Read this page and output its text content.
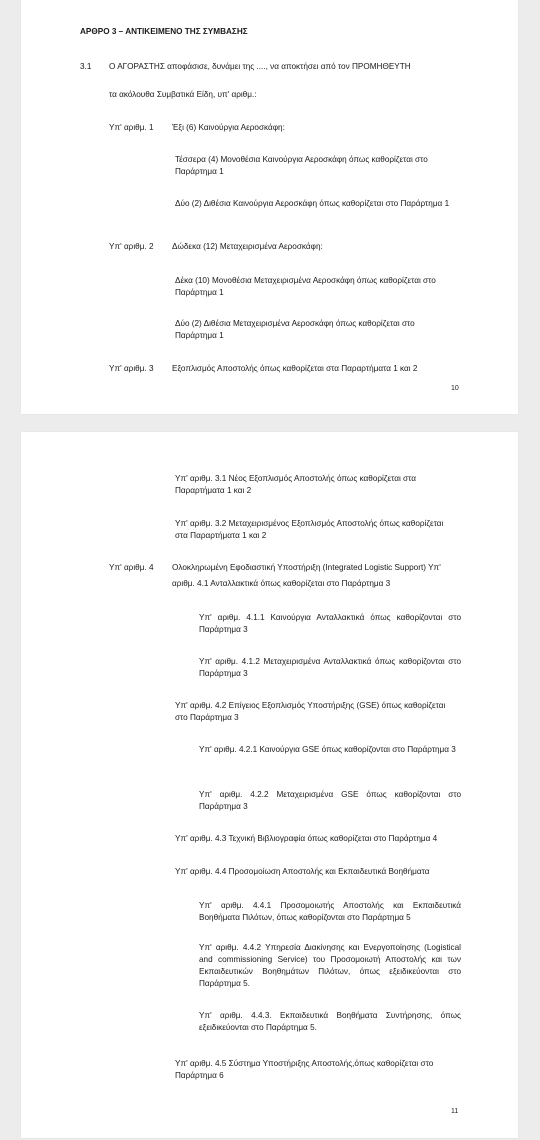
ΑΡΘΡΟ 3 – ΑΝΤΙΚΕΙΜΕΝΟ ΤΗΣ ΣΥΜΒΑΣΗΣ
3.1 Ο ΑΓΟΡΑΣΤΗΣ αποφάσισε, δυνάμει της ...., να αποκτήσει από τον ΠΡΟΜΗΘΕΥΤΗ
τα ακόλουθα Συμβατικά Είδη, υπ' αριθμ.:
Υπ' αριθμ. 1 Έξι (6) Καινούργια Αεροσκάφη:
Τέσσερα (4) Μονοθέσια Καινούργια Αεροσκάφη όπως καθορίζεται στο Παράρτημα 1
Δύο (2) Διθέσια Καινούργια Αεροσκάφη όπως καθορίζεται στο Παράρτημα 1
Υπ' αριθμ. 2 Δώδεκα (12) Μεταχειρισμένα Αεροσκάφη:
Δέκα (10) Μονοθέσια Μεταχειρισμένα Αεροσκάφη όπως καθορίζεται στο Παράρτημα 1
Δύο (2) Διθέσια Μεταχειρισμένα Αεροσκάφη όπως καθορίζεται στο Παράρτημα 1
Υπ' αριθμ. 3 Εξοπλισμός Αποστολής όπως καθορίζεται στα Παραρτήματα 1 και 2
10
Υπ' αριθμ. 3.1 Νέος Εξοπλισμός Αποστολής όπως καθορίζεται στα Παραρτήματα 1 και 2
Υπ' αριθμ. 3.2 Μεταχειρισμένος Εξοπλισμός Αποστολής όπως καθορίζεται στα Παραρτήματα 1 και 2
Υπ' αριθμ. 4 Ολοκληρωμένη Εφοδιαστική Υποστήριξη (Integrated Logistic Support) Υπ'
αριθμ. 4.1 Ανταλλακτικά όπως καθορίζεται στο Παράρτημα 3
Υπ' αριθμ. 4.1.1 Καινούργια Ανταλλακτικά όπως καθορίζονται στο Παράρτημα 3
Υπ' αριθμ. 4.1.2 Μεταχειρισμένα Ανταλλακτικά όπως καθορίζονται στο Παράρτημα 3
Υπ' αριθμ. 4.2 Επίγειος Εξοπλισμός Υποστήριξης (GSE) όπως καθορίζεται στο Παράρτημα 3
Υπ' αριθμ. 4.2.1 Καινούργια GSE όπως καθορίζονται στο Παράρτημα 3
Υπ' αριθμ. 4.2.2 Μεταχειρισμένα GSE όπως καθορίζονται στο Παράρτημα 3
Υπ' αριθμ. 4.3 Τεχνική Βιβλιογραφία όπως καθορίζεται στο Παράρτημα 4
Υπ' αριθμ. 4.4 Προσομοίωση Αποστολής και Εκπαιδευτικά Βοηθήματα
Υπ' αριθμ. 4.4.1 Προσομοιωτής Αποστολής και Εκπαιδευτικά Βοηθήματα Πιλότων, όπως καθορίζονται στο Παράρτημα 5
Υπ' αριθμ. 4.4.2 Υπηρεσία Διακίνησης και Ενεργοποίησης (Logistical and commissioning Service) του Προσομοιωτή Αποστολής και των Εκπαιδευτικών Βοηθημάτων Πιλότων, όπως εξειδικεύονται στο Παράρτημα 5.
Υπ' αριθμ. 4.4.3. Εκπαιδευτικά Βοηθήματα Συντήρησης, όπως εξειδικεύονται στο Παράρτημα 5.
Υπ' αριθμ. 4.5 Σύστημα Υποστήριξης Αποστολής,όπως καθορίζεται στο Παράρτημα 6
11
